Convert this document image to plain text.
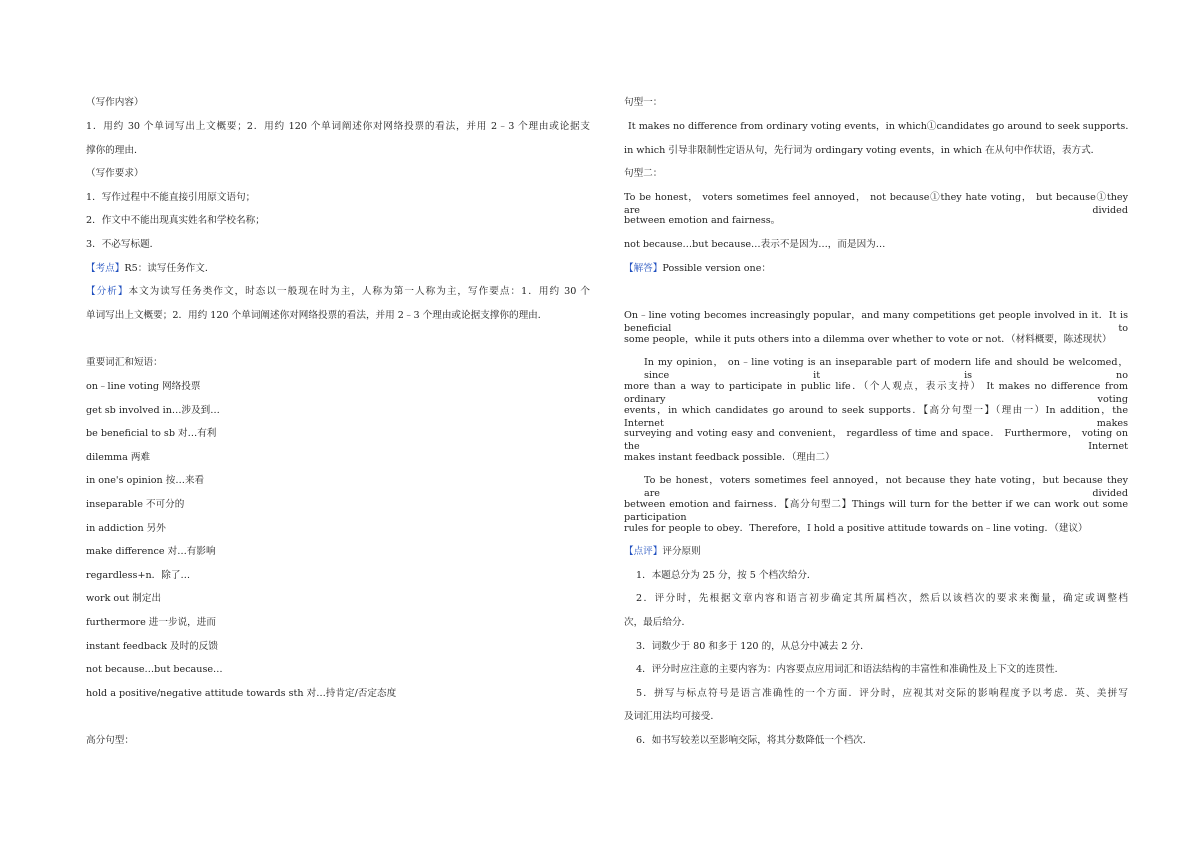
（写作内容）
1．用约 30 个单词写出上文概要；2．用约 120 个单词阐述你对网络投票的看法，并用 2﹣3 个理由或论据支
撑你的理由．
（写作要求）
1．写作过程中不能直接引用原文语句；
2．作文中不能出现真实姓名和学校名称；
3．不必写标题．
【考点】R5：读写任务作文．
【分析】本文为读写任务类作文，时态以一般现在时为主，人称为第一人称为主，写作要点：1．用约 30 个
单词写出上文概要；2．用约 120 个单词阐述你对网络投票的看法，并用 2﹣3 个理由或论据支撑你的理由．
重要词汇和短语：
on﹣line voting 网络投票
get sb involved in…涉及到…
be beneficial to sb 对…有利
dilemma 两难
in one's opinion 按…来看
inseparable 不可分的
in addiction 另外
make difference 对…有影响
regardless+n．除了…
work out 制定出
furthermore 进一步说，进而
instant feedback 及时的反馈
not because…but because…
hold a positive/negative attitude towards sth 对…持肯定/否定态度
高分句型：
句型一：
It makes no difference from ordinary voting events，in which①candidates go around to seek supports．
in which 引导非限制性定语从句，先行词为 ordingary voting events，in which 在从句中作状语，表方式．
句型二：
To be honest， voters sometimes feel annoyed， not because①they hate voting， but because①they are divided
between emotion and fairness。
not because…but because…表示不是因为…，而是因为…
【解答】Possible version one：
On﹣line voting becomes increasingly popular，and many competitions get people involved in it．It is beneficial to
some people，while it puts others into a dilemma over whether to vote or not．（材料概要，陈述现状）
In my opinion， on﹣line voting is an inseparable part of modern life and should be welcomed， since it is no
more than a way to participate in public life．（个人观点，表示支持） It makes no difference from ordinary voting
events，in which candidates go around to seek supports．【高分句型一】（理由一）In addition，the Internet makes
surveying and voting easy and convenient， regardless of time and space． Furthermore， voting on the Internet
makes instant feedback possible．（理由二）
To be honest，voters sometimes feel annoyed，not because they hate voting，but because they are divided
between emotion and fairness．【高分句型二】Things will turn for the better if we can work out some participation
rules for people to obey．Therefore，I hold a positive attitude towards on﹣line voting．（建议）
【点评】评分原则
1．本题总分为 25 分，按 5 个档次给分．
2．评分时，先根据文章内容和语言初步确定其所属档次，然后以该档次的要求来衡量，确定或调整档
次，最后给分．
3．词数少于 80 和多于 120 的，从总分中减去 2 分．
4．评分时应注意的主要内容为：内容要点应用词汇和语法结构的丰富性和准确性及上下文的连贯性．
5．拼写与标点符号是语言准确性的一个方面．评分时，应视其对交际的影响程度予以考虑．英、美拼写
及词汇用法均可接受．
6．如书写较差以至影响交际，将其分数降低一个档次．
